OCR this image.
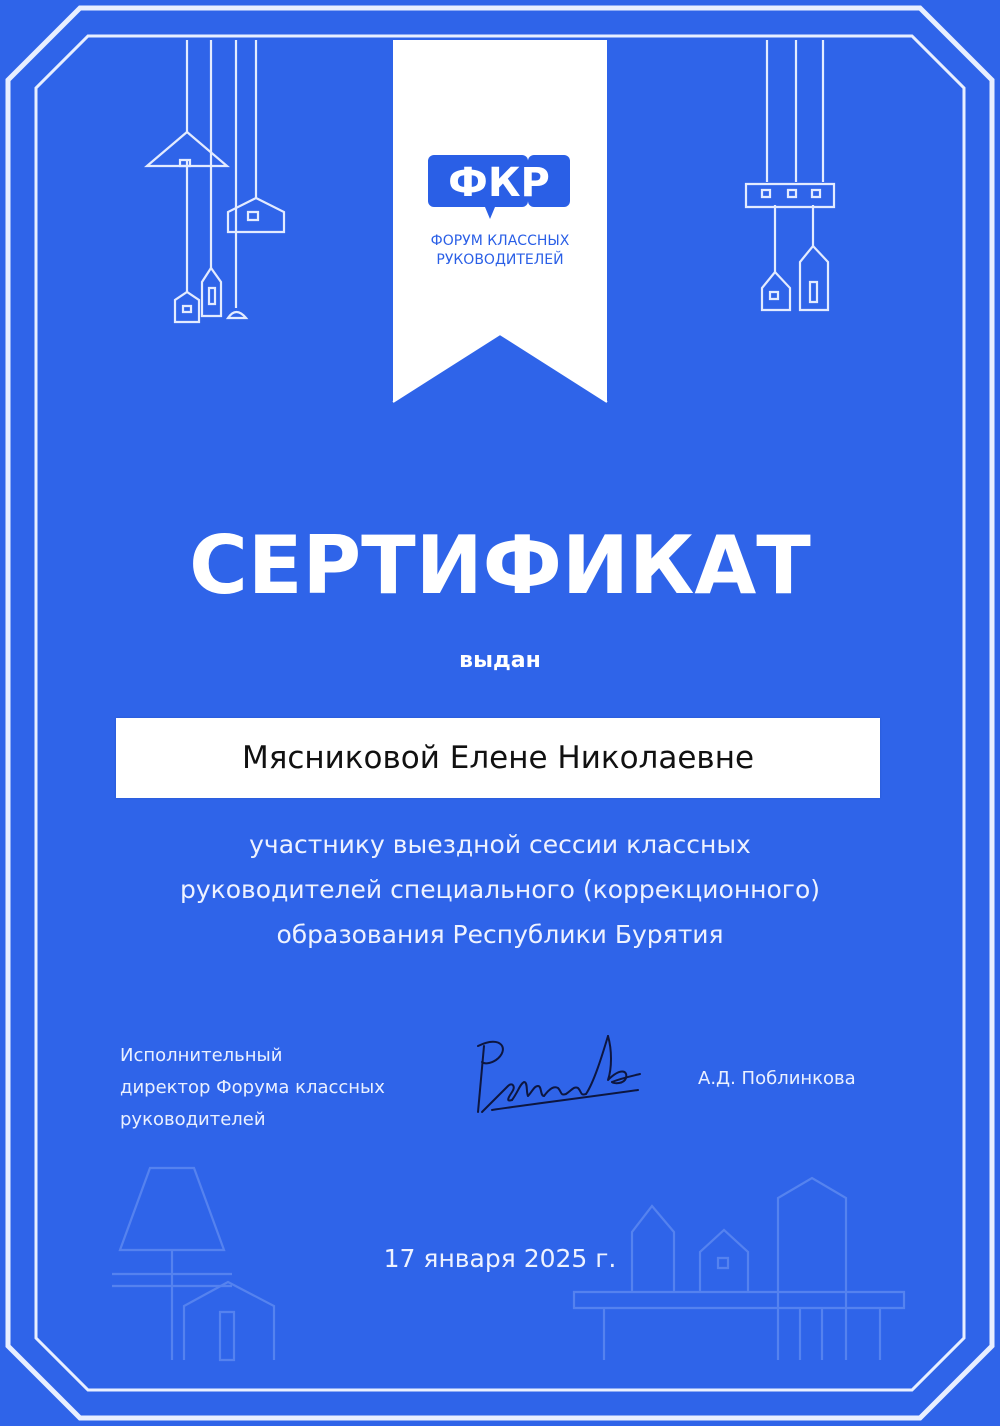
ФКР
ФОРУМ КЛАССНЫХ
РУКОВОДИТЕЛЕЙ
СЕРТИФИКАТ
выдан
Мясниковой Елене Николаевне
участнику выездной сессии классных
руководителей специального (коррекционного)
образования Республики Бурятия
Исполнительный
директор Форума классных
руководителей
А.Д. Поблинкова
17 января 2025 г.
